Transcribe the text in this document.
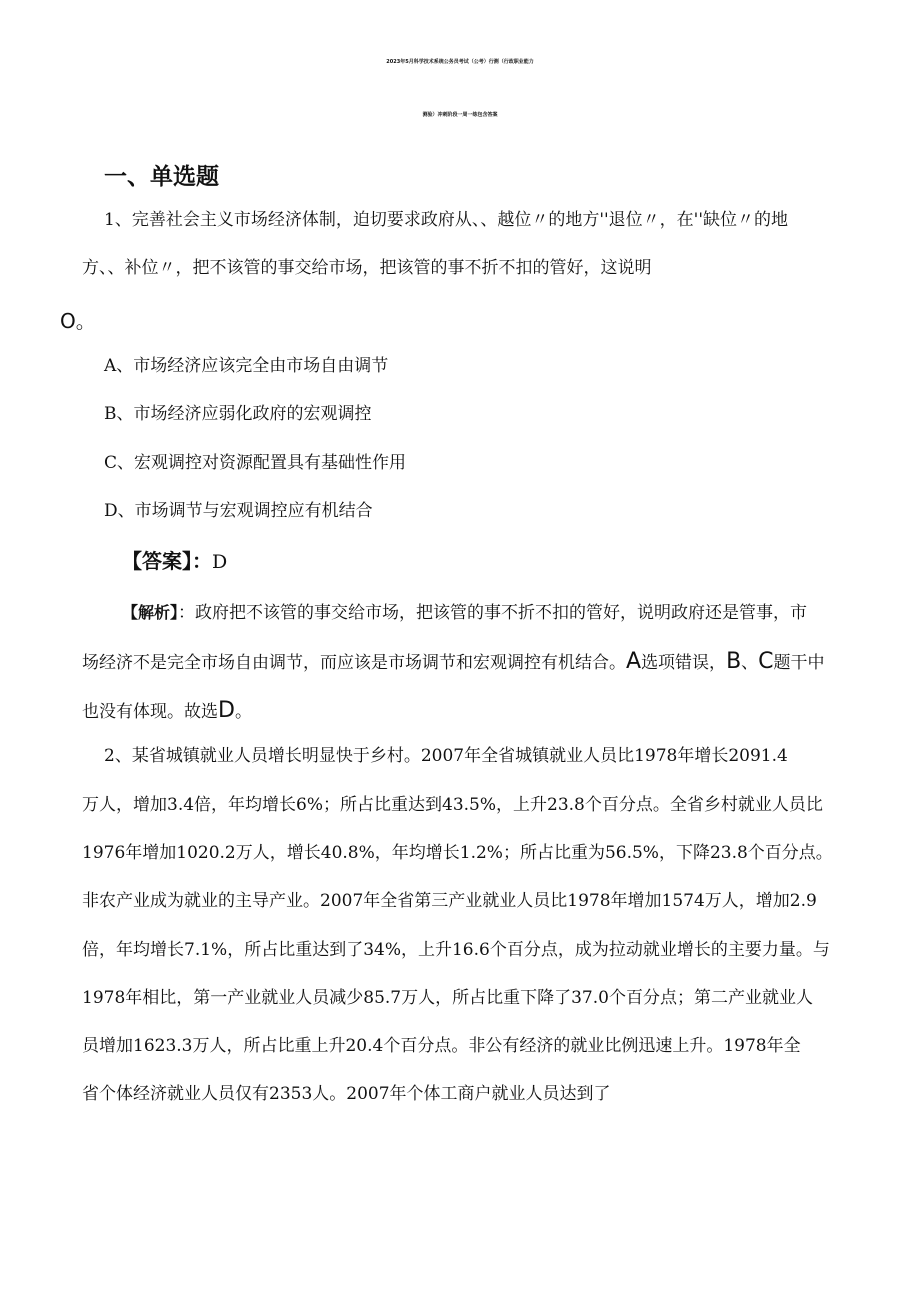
2023年5月科学技术系统公务员考试（公考）行测（行政职业能力
测验）冲刺阶段一周一练包含答案
一、单选题
1、完善社会主义市场经济体制，迫切要求政府从、、越位〃的地方''退位〃，在''缺位〃的地
方、、补位〃，把不该管的事交给市场，把该管的事不折不扣的管好，这说明
O。
A、市场经济应该完全由市场自由调节
B、市场经济应弱化政府的宏观调控
C、宏观调控对资源配置具有基础性作用
D、市场调节与宏观调控应有机结合
【答案】：D
【解析】：政府把不该管的事交给市场，把该管的事不折不扣的管好，说明政府还是管事，市
场经济不是完全市场自由调节，而应该是市场调节和宏观调控有机结合。A选项错误，B、C题干中
也没有体现。故选D。
2、某省城镇就业人员增长明显快于乡村。2007年全省城镇就业人员比1978年增长2091.4
万人，增加3.4倍，年均增长6%；所占比重达到43.5%，上升23.8个百分点。全省乡村就业人员比
1976年增加1020.2万人，增长40.8%，年均增长1.2%；所占比重为56.5%，下降23.8个百分点。
非农产业成为就业的主导产业。2007年全省第三产业就业人员比1978年增加1574万人，增加2.9
倍，年均增长7.1%，所占比重达到了34%，上升16.6个百分点，成为拉动就业增长的主要力量。与
1978年相比，第一产业就业人员减少85.7万人，所占比重下降了37.0个百分点；第二产业就业人
员增加1623.3万人，所占比重上升20.4个百分点。非公有经济的就业比例迅速上升。1978年全
省个体经济就业人员仅有2353人。2007年个体工商户就业人员达到了
